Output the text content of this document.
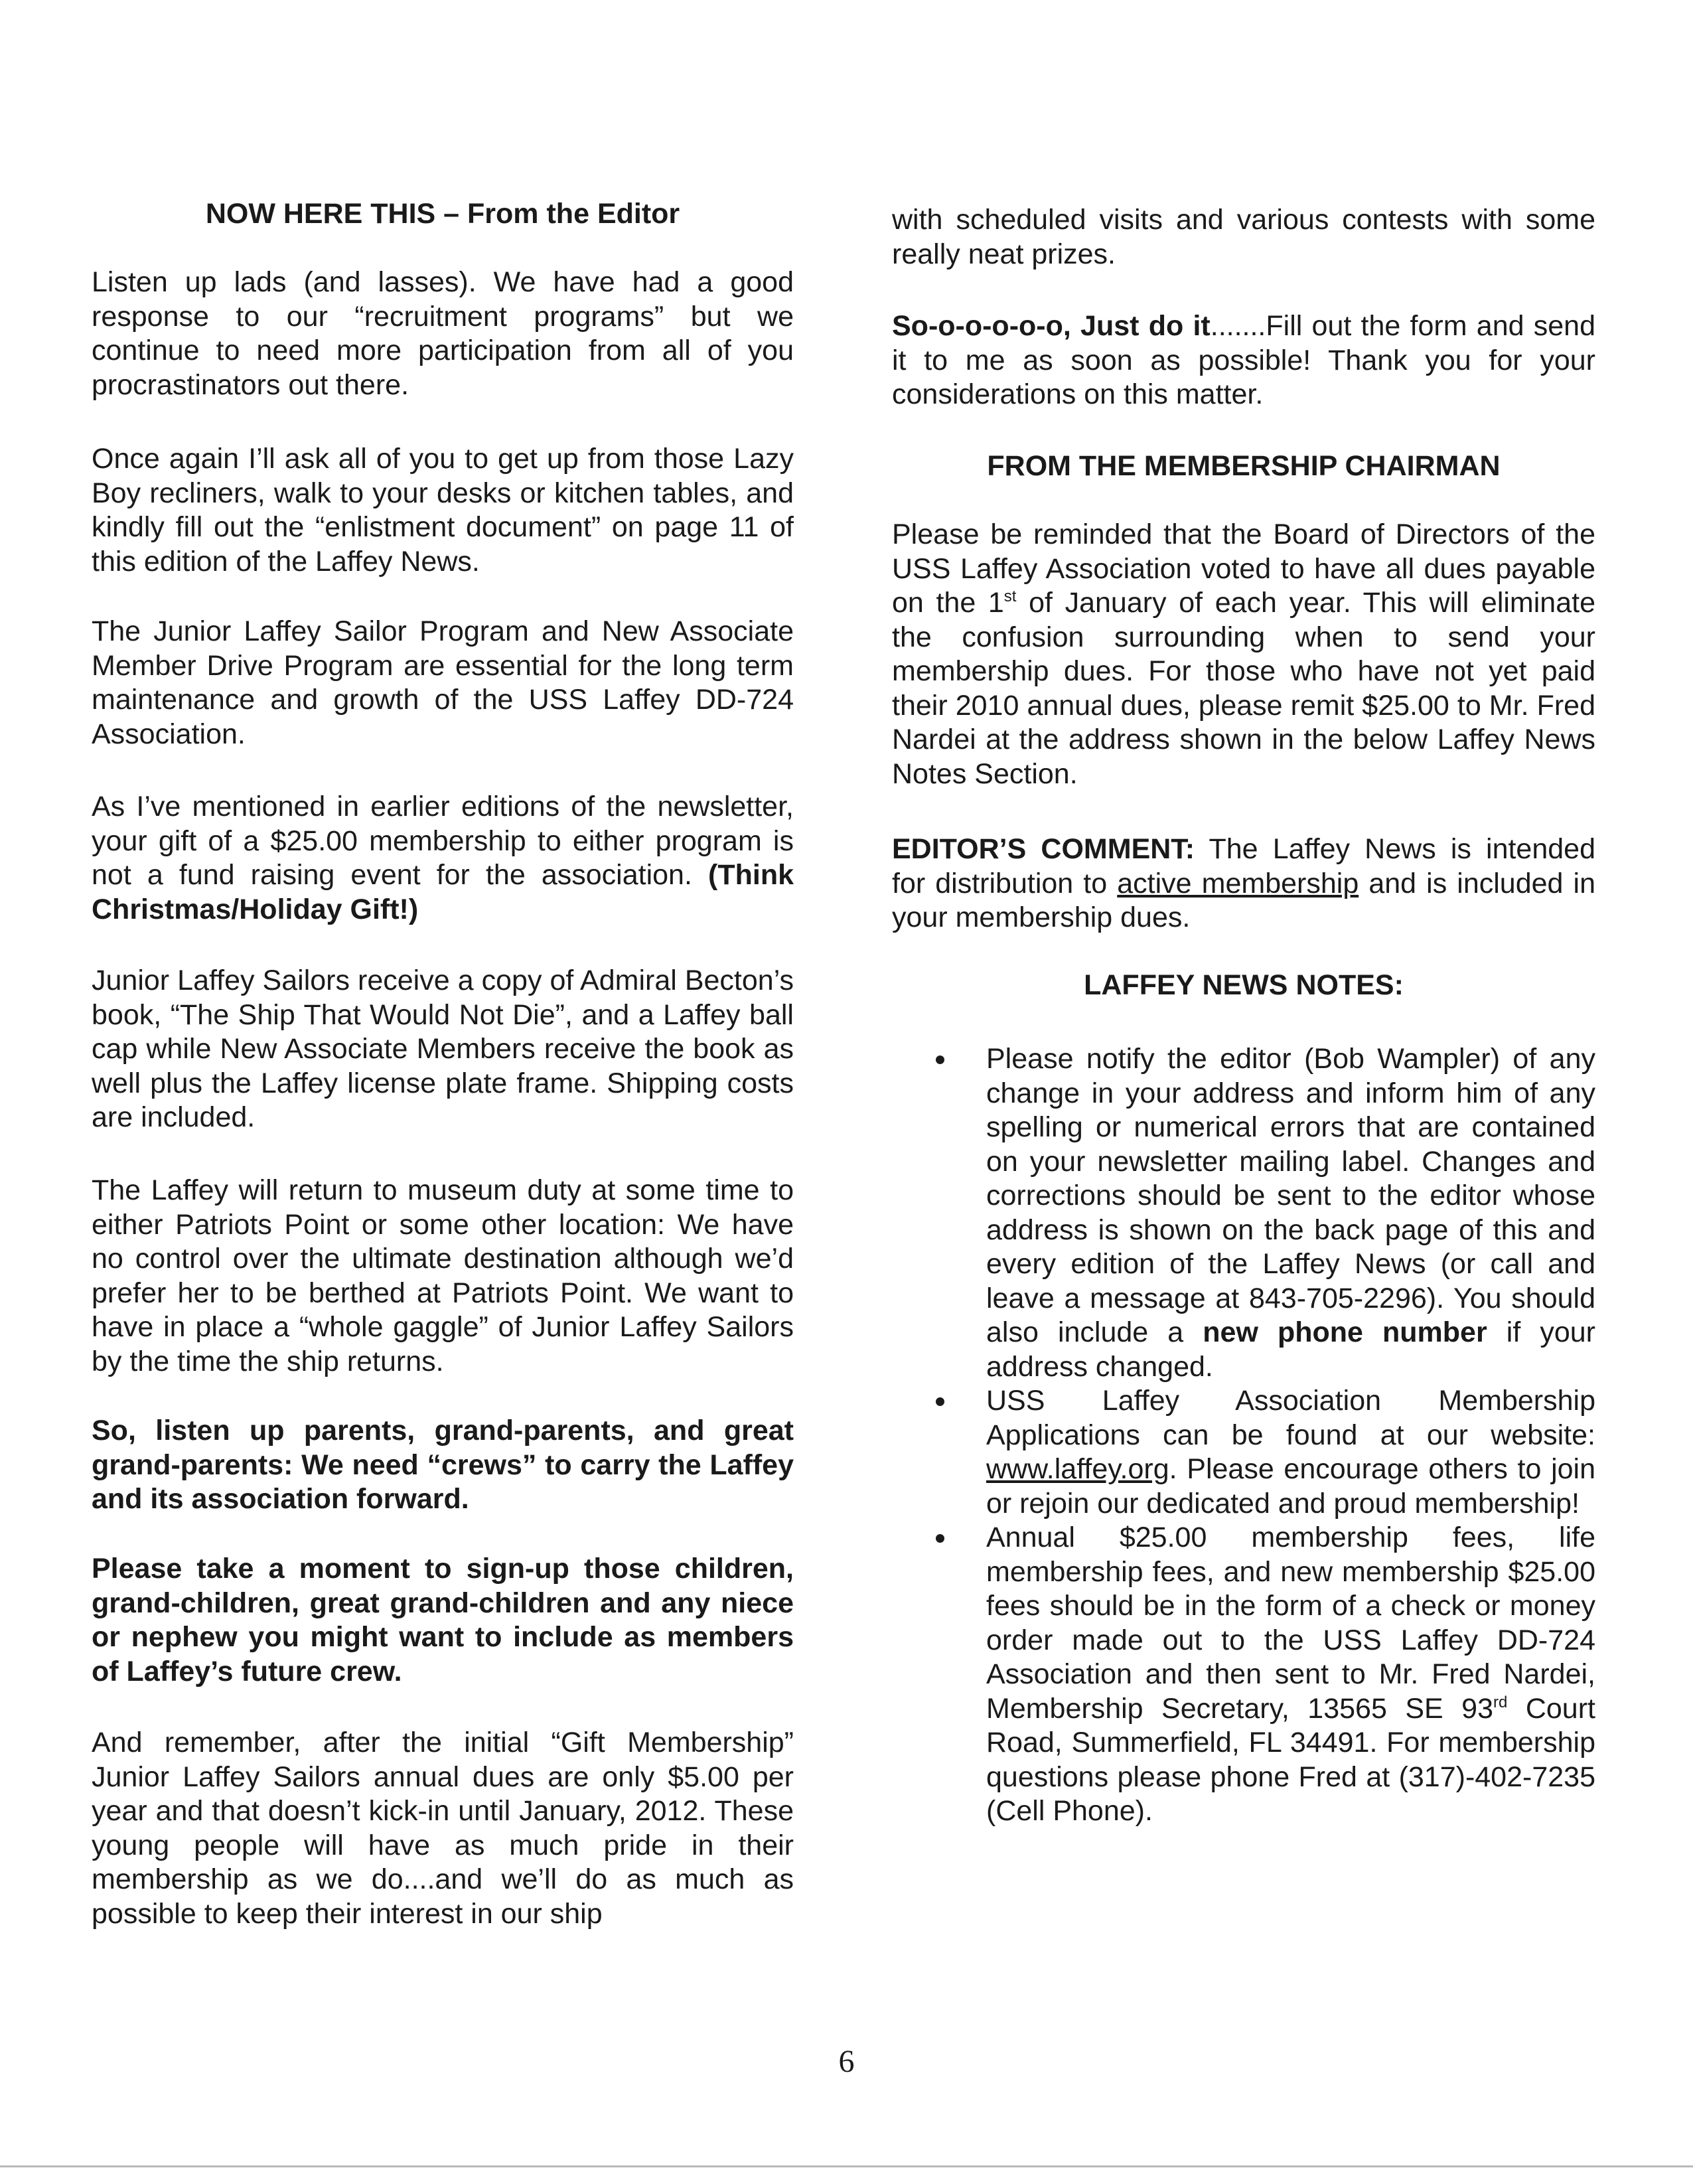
NOW HERE THIS – From the Editor

Listen up lads (and lasses). We have had a good response to our “recruitment programs” but we continue to need more participation from all of you procrastinators out there.

Once again I’ll ask all of you to get up from those Lazy Boy recliners, walk to your desks or kitchen tables, and kindly fill out the “enlistment document” on page 11 of this edition of the Laffey News.

The Junior Laffey Sailor Program and New Associate Member Drive Program are essential for the long term maintenance and growth of the USS Laffey DD-724 Association.

As I’ve mentioned in earlier editions of the newsletter, your gift of a $25.00 membership to either program is not a fund raising event for the association. (Think Christmas/Holiday Gift!)

Junior Laffey Sailors receive a copy of Admiral Becton’s book, “The Ship That Would Not Die”, and a Laffey ball cap while New Associate Members receive the book as well plus the Laffey license plate frame. Shipping costs are included.

The Laffey will return to museum duty at some time to either Patriots Point or some other location: We have no control over the ultimate destination although we’d prefer her to be berthed at Patriots Point. We want to have in place a “whole gaggle” of Junior Laffey Sailors by the time the ship returns.

So, listen up parents, grand-parents, and great grand-parents: We need “crews” to carry the Laffey and its association forward.

Please take a moment to sign-up those children, grand-children, great grand-children and any niece or nephew you might want to include as members of Laffey’s future crew.

And remember, after the initial “Gift Membership” Junior Laffey Sailors annual dues are only $5.00 per year and that doesn’t kick-in until January, 2012. These young people will have as much pride in their membership as we do....and we’ll do as much as possible to keep their interest in our ship

with scheduled visits and various contests with some really neat prizes.

So-o-o-o-o-o, Just do it.......Fill out the form and send it to me as soon as possible! Thank you for your considerations on this matter.

FROM THE MEMBERSHIP CHAIRMAN

Please be reminded that the Board of Directors of the USS Laffey Association voted to have all dues payable on the 1st of January of each year. This will eliminate the confusion surrounding when to send your membership dues. For those who have not yet paid their 2010 annual dues, please remit $25.00 to Mr. Fred Nardei at the address shown in the below Laffey News Notes Section.

EDITOR’S COMMENT: The Laffey News is intended for distribution to active membership and is included in your membership dues.

LAFFEY NEWS NOTES:
Please notify the editor (Bob Wampler) of any change in your address and inform him of any spelling or numerical errors that are contained on your newsletter mailing label. Changes and corrections should be sent to the editor whose address is shown on the back page of this and every edition of the Laffey News (or call and leave a message at 843-705-2296). You should also include a new phone number if your address changed.
USS Laffey Association Membership Applications can be found at our website: www.laffey.org. Please encourage others to join or rejoin our dedicated and proud membership!
Annual $25.00 membership fees, life membership fees, and new membership $25.00 fees should be in the form of a check or money order made out to the USS Laffey DD-724 Association and then sent to Mr. Fred Nardei, Membership Secretary, 13565 SE 93rd Court Road, Summerfield, FL 34491. For membership questions please phone Fred at (317)-402-7235 (Cell Phone).
6
